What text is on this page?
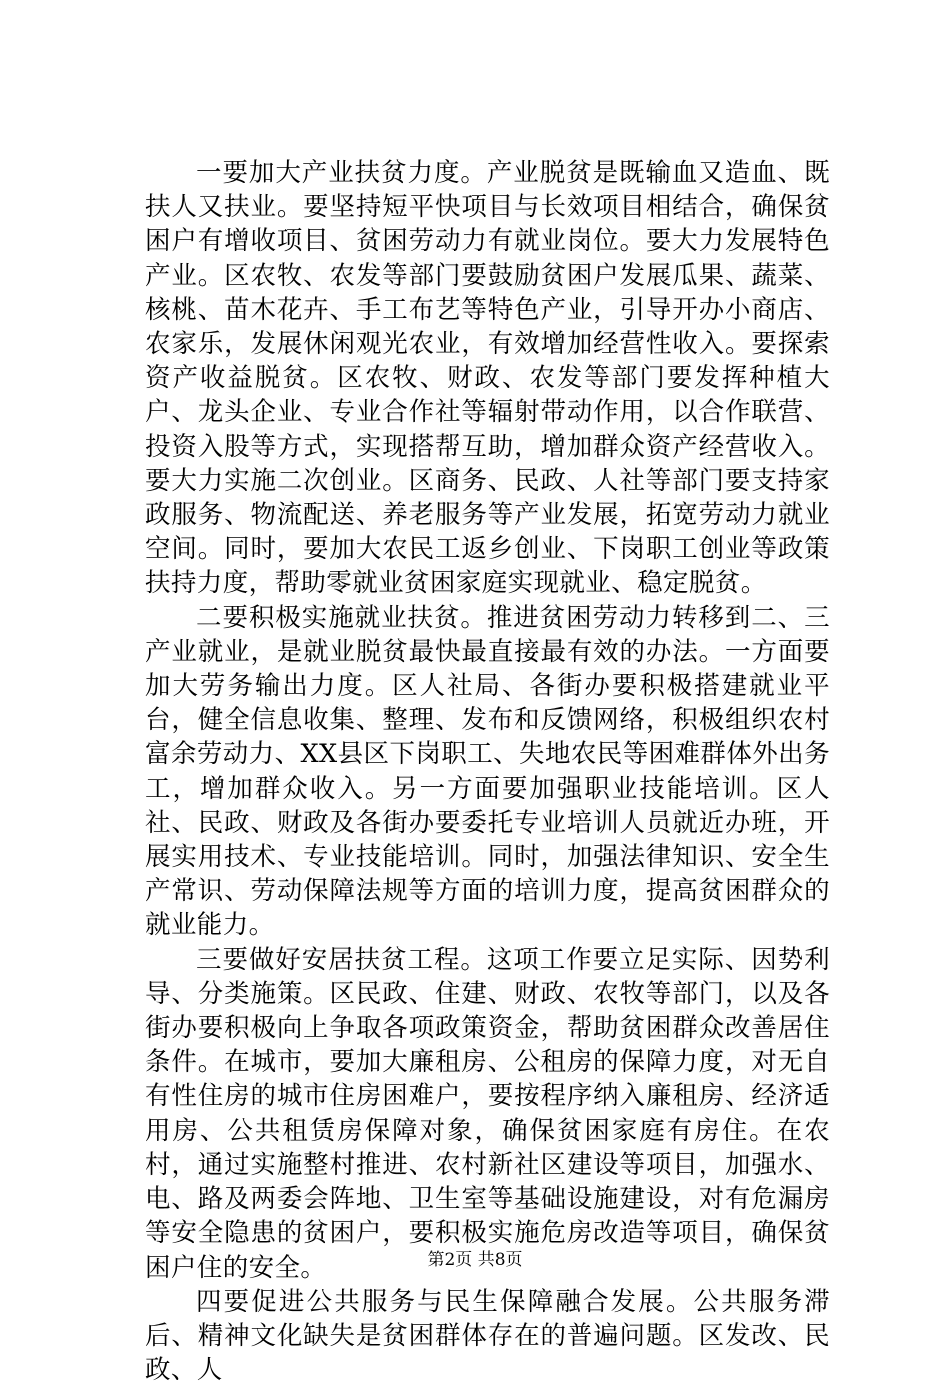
一要加大产业扶贫力度。产业脱贫是既输血又造血、既扶人又扶业。要坚持短平快项目与长效项目相结合，确保贫困户有增收项目、贫困劳动力有就业岗位。要大力发展特色产业。区农牧、农发等部门要鼓励贫困户发展瓜果、蔬菜、核桃、苗木花卉、手工布艺等特色产业，引导开办小商店、农家乐，发展休闲观光农业，有效增加经营性收入。要探索资产收益脱贫。区农牧、财政、农发等部门要发挥种植大户、龙头企业、专业合作社等辐射带动作用，以合作联营、投资入股等方式，实现搭帮互助，增加群众资产经营收入。要大力实施二次创业。区商务、民政、人社等部门要支持家政服务、物流配送、养老服务等产业发展，拓宽劳动力就业空间。同时，要加大农民工返乡创业、下岗职工创业等政策扶持力度，帮助零就业贫困家庭实现就业、稳定脱贫。

二要积极实施就业扶贫。推进贫困劳动力转移到二、三产业就业，是就业脱贫最快最直接最有效的办法。一方面要加大劳务输出力度。区人社局、各街办要积极搭建就业平台，健全信息收集、整理、发布和反馈网络，积极组织农村富余劳动力、XX县区下岗职工、失地农民等困难群体外出务工，增加群众收入。另一方面要加强职业技能培训。区人社、民政、财政及各街办要委托专业培训人员就近办班，开展实用技术、专业技能培训。同时，加强法律知识、安全生产常识、劳动保障法规等方面的培训力度，提高贫困群众的就业能力。

三要做好安居扶贫工程。这项工作要立足实际、因势利导、分类施策。区民政、住建、财政、农牧等部门，以及各街办要积极向上争取各项政策资金，帮助贫困群众改善居住条件。在城市，要加大廉租房、公租房的保障力度，对无自有性住房的城市住房困难户，要按程序纳入廉租房、经济适用房、公共租赁房保障对象，确保贫困家庭有房住。在农村，通过实施整村推进、农村新社区建设等项目，加强水、电、路及两委会阵地、卫生室等基础设施建设，对有危漏房等安全隐患的贫困户，要积极实施危房改造等项目，确保贫困户住的安全。

四要促进公共服务与民生保障融合发展。公共服务滞后、精神文化缺失是贫困群体存在的普遍问题。区发改、民政、人

第2页 共8页
